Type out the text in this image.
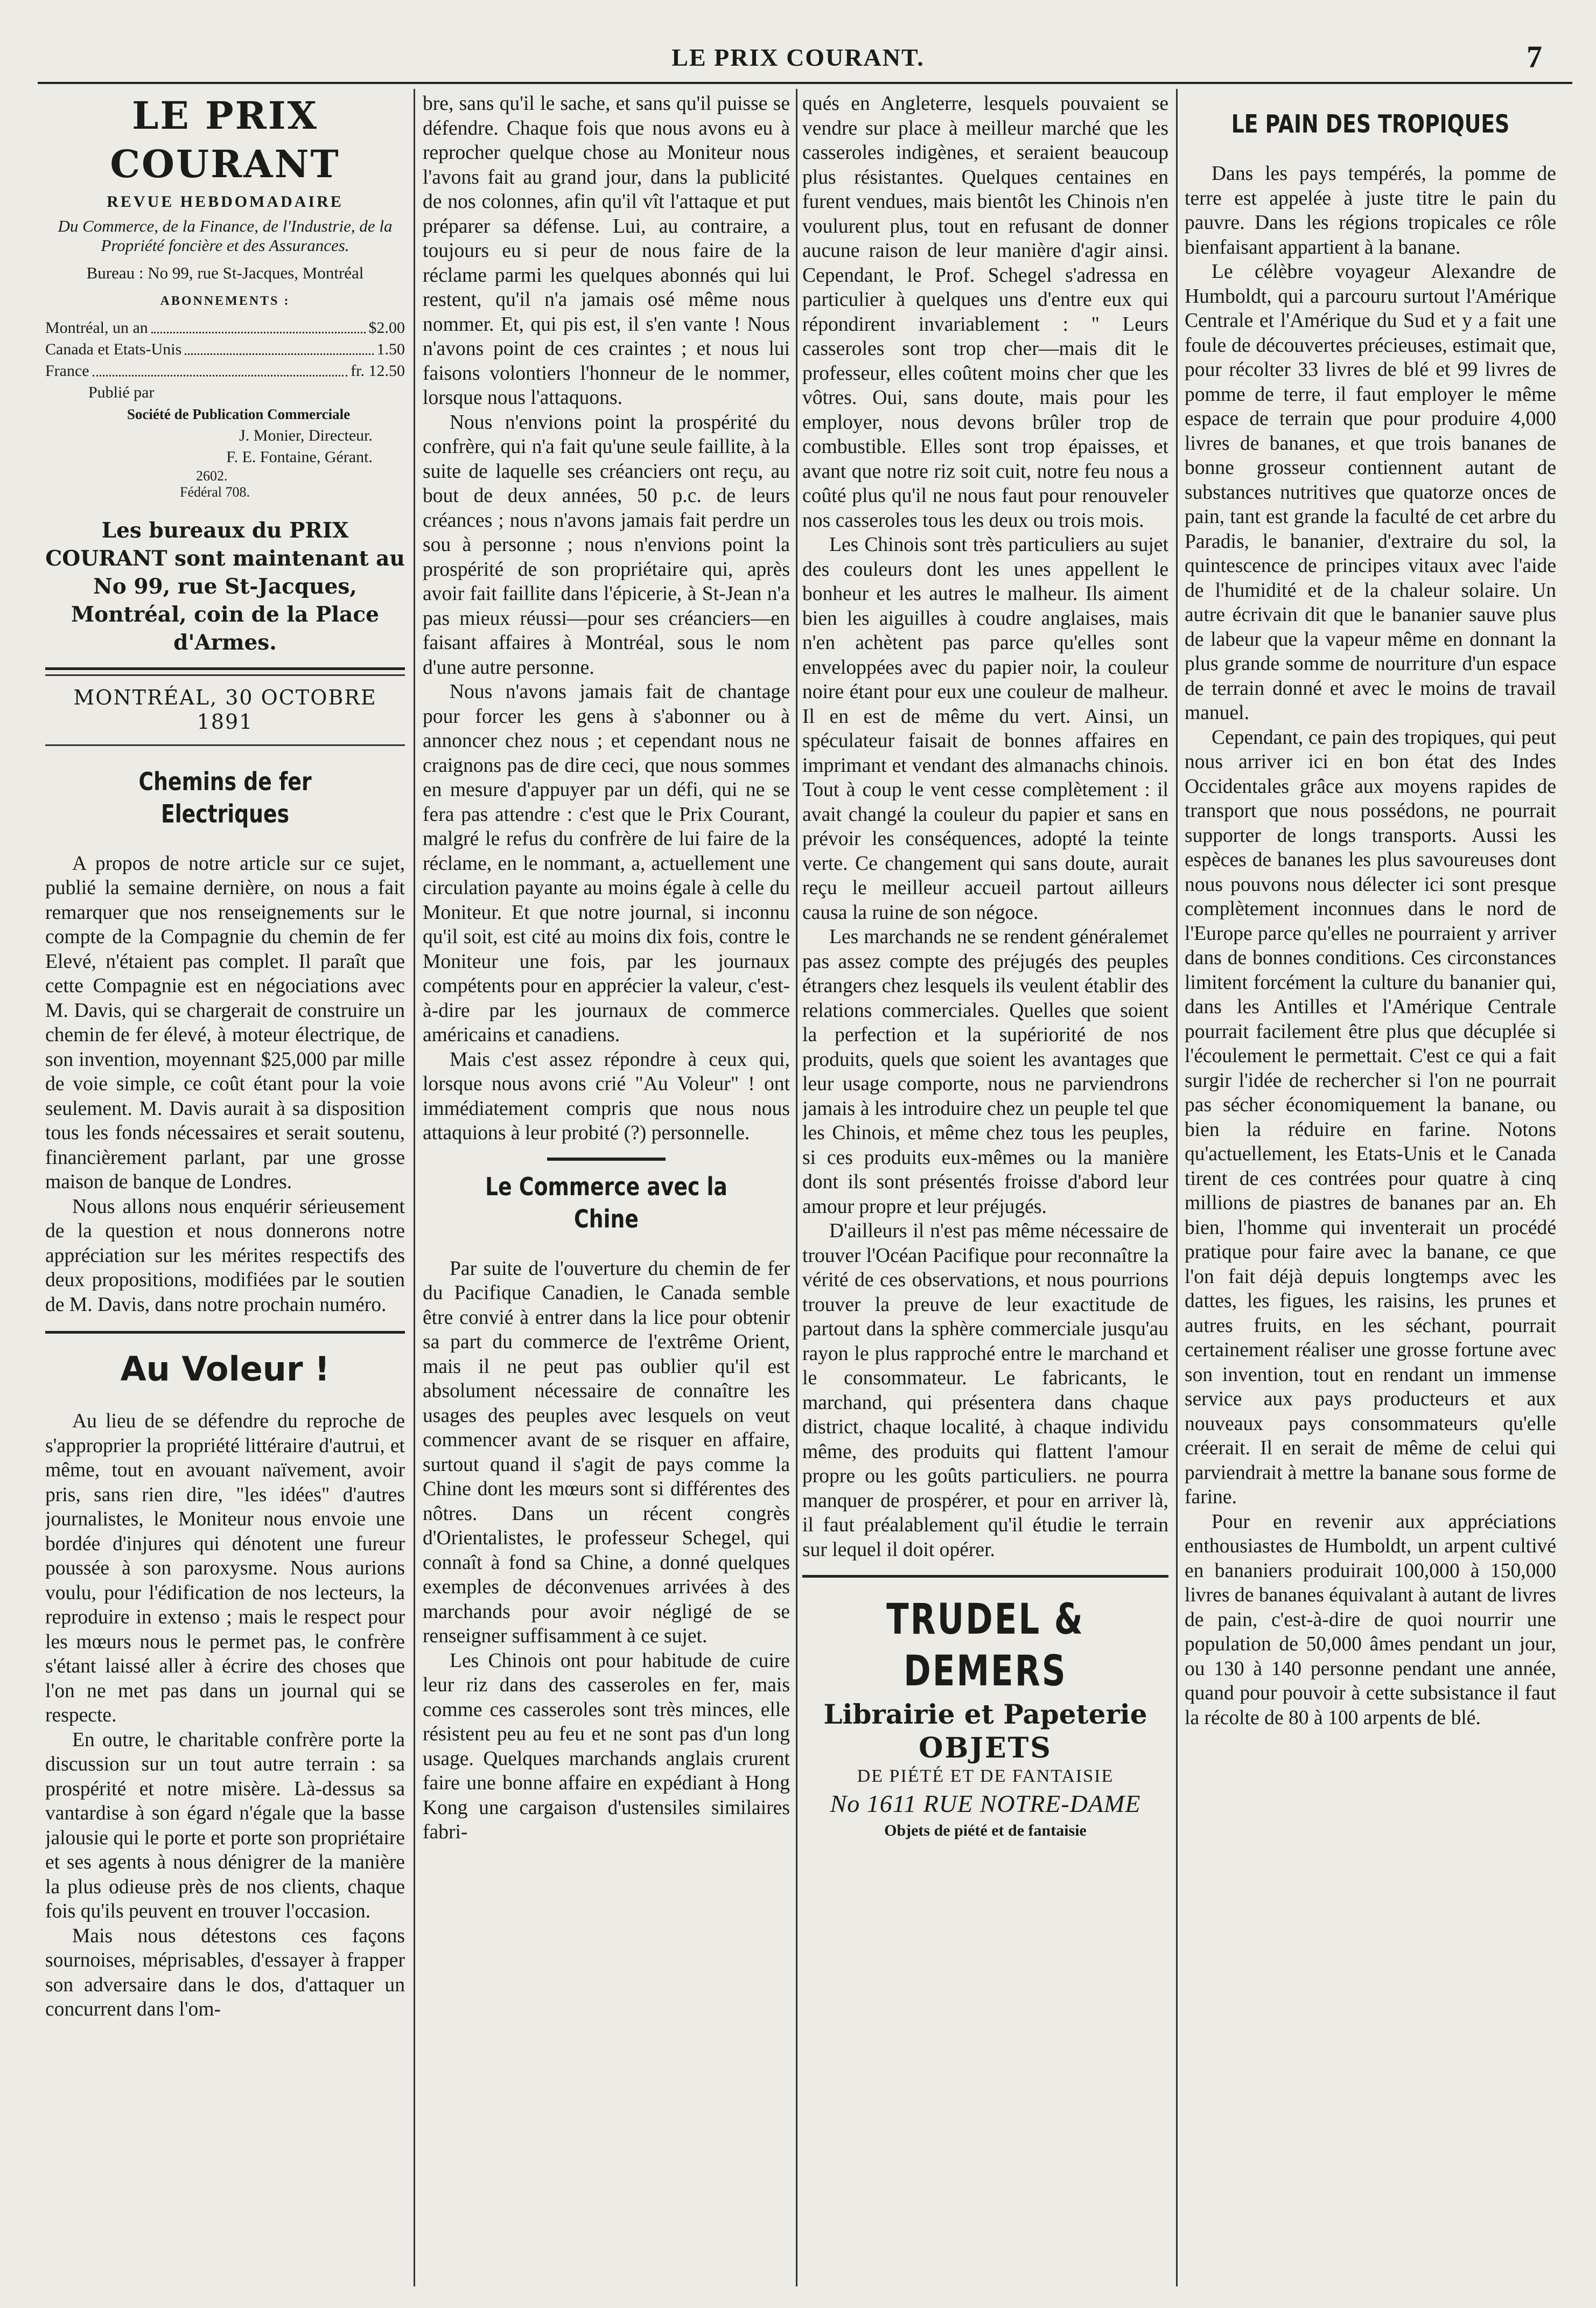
LE PRIX COURANT.	7
LE PRIX COURANT
REVUE HEBDOMADAIRE
Du Commerce, de la Finance, de l'Industrie, de la Propriété foncière et des Assurances.
Bureau : No 99, rue St-Jacques, Montréal
ABONNEMENTS :
Montréal, un an	$2.00
Canada et Etats-Unis	1.50
France	fr. 12.50

Publié par

Société de Publication Commerciale

J. Monier, Directeur.

F. E. Fontaine, Gérant.

2602.

Fédéral 708.

Les bureaux du PRIX COURANT sont maintenant au No 99, rue St-Jacques, Montréal, coin de la Place d'Armes.
MONTRÉAL, 30 OCTOBRE 1891
Chemins de fer Electriques

A propos de notre article sur ce sujet, publié la semaine dernière, on nous a fait remarquer que nos renseignements sur le compte de la Compagnie du chemin de fer Elevé, n'étaient pas complet. Il paraît que cette Compagnie est en négociations avec M. Davis, qui se chargerait de construire un chemin de fer élevé, à moteur électrique, de son invention, moyennant $25,000 par mille de voie simple, ce coût étant pour la voie seulement. M. Davis aurait à sa disposition tous les fonds nécessaires et serait soutenu, financièrement parlant, par une grosse maison de banque de Londres.

Nous allons nous enquérir sérieusement de la question et nous donnerons notre appréciation sur les mérites respectifs des deux propositions, modifiées par le soutien de M. Davis, dans notre prochain numéro.

Au Voleur !

Au lieu de se défendre du reproche de s'approprier la propriété littéraire d'autrui, et même, tout en avouant naïvement, avoir pris, sans rien dire, "les idées" d'autres journalistes, le Moniteur nous envoie une bordée d'injures qui dénotent une fureur poussée à son paroxysme. Nous aurions voulu, pour l'édification de nos lecteurs, la reproduire in extenso ; mais le respect pour les mœurs nous le permet pas, le confrère s'étant laissé aller à écrire des choses que l'on ne met pas dans un journal qui se respecte.

En outre, le charitable confrère porte la discussion sur un tout autre terrain : sa prospérité et notre misère. Là-dessus sa vantardise à son égard n'égale que la basse jalousie qui le porte et porte son propriétaire et ses agents à nous dénigrer de la manière la plus odieuse près de nos clients, chaque fois qu'ils peuvent en trouver l'occasion.

Mais nous détestons ces façons sournoises, méprisables, d'essayer à frapper son adversaire dans le dos, d'attaquer un concurrent dans l'om-

bre, sans qu'il le sache, et sans qu'il puisse se défendre. Chaque fois que nous avons eu à reprocher quelque chose au Moniteur nous l'avons fait au grand jour, dans la publicité de nos colonnes, afin qu'il vît l'attaque et put préparer sa défense. Lui, au contraire, a toujours eu si peur de nous faire de la réclame parmi les quelques abonnés qui lui restent, qu'il n'a jamais osé même nous nommer. Et, qui pis est, il s'en vante ! Nous n'avons point de ces craintes ; et nous lui faisons volontiers l'honneur de le nommer, lorsque nous l'attaquons.

Nous n'envions point la prospérité du confrère, qui n'a fait qu'une seule faillite, à la suite de laquelle ses créanciers ont reçu, au bout de deux années, 50 p.c. de leurs créances ; nous n'avons jamais fait perdre un sou à personne ; nous n'envions point la prospérité de son propriétaire qui, après avoir fait faillite dans l'épicerie, à St-Jean n'a pas mieux réussi—pour ses créanciers—en faisant affaires à Montréal, sous le nom d'une autre personne.

Nous n'avons jamais fait de chantage pour forcer les gens à s'abonner ou à annoncer chez nous ; et cependant nous ne craignons pas de dire ceci, que nous sommes en mesure d'appuyer par un défi, qui ne se fera pas attendre : c'est que le Prix Courant, malgré le refus du confrère de lui faire de la réclame, en le nommant, a, actuellement une circulation payante au moins égale à celle du Moniteur. Et que notre journal, si inconnu qu'il soit, est cité au moins dix fois, contre le Moniteur une fois, par les journaux compétents pour en apprécier la valeur, c'est-à-dire par les journaux de commerce américains et canadiens.

Mais c'est assez répondre à ceux qui, lorsque nous avons crié "Au Voleur" ! ont immédiatement compris que nous nous attaquions à leur probité (?) personnelle.

Le Commerce avec la Chine

Par suite de l'ouverture du chemin de fer du Pacifique Canadien, le Canada semble être convié à entrer dans la lice pour obtenir sa part du commerce de l'extrême Orient, mais il ne peut pas oublier qu'il est absolument nécessaire de connaître les usages des peuples avec lesquels on veut commencer avant de se risquer en affaire, surtout quand il s'agit de pays comme la Chine dont les mœurs sont si différentes des nôtres. Dans un récent congrès d'Orientalistes, le professeur Schegel, qui connaît à fond sa Chine, a donné quelques exemples de déconvenues arrivées à des marchands pour avoir négligé de se renseigner suffisamment à ce sujet.

Les Chinois ont pour habitude de cuire leur riz dans des casseroles en fer, mais comme ces casseroles sont très minces, elle résistent peu au feu et ne sont pas d'un long usage. Quelques marchands anglais crurent faire une bonne affaire en expédiant à Hong Kong une cargaison d'ustensiles similaires fabri-

qués en Angleterre, lesquels pouvaient se vendre sur place à meilleur marché que les casseroles indigènes, et seraient beaucoup plus résistantes. Quelques centaines en furent vendues, mais bientôt les Chinois n'en voulurent plus, tout en refusant de donner aucune raison de leur manière d'agir ainsi. Cependant, le Prof. Schegel s'adressa en particulier à quelques uns d'entre eux qui répondirent invariablement : " Leurs casseroles sont trop cher—mais dit le professeur, elles coûtent moins cher que les vôtres. Oui, sans doute, mais pour les employer, nous devons brûler trop de combustible. Elles sont trop épaisses, et avant que notre riz soit cuit, notre feu nous a coûté plus qu'il ne nous faut pour renouveler nos casseroles tous les deux ou trois mois.

Les Chinois sont très particuliers au sujet des couleurs dont les unes appellent le bonheur et les autres le malheur. Ils aiment bien les aiguilles à coudre anglaises, mais n'en achètent pas parce qu'elles sont enveloppées avec du papier noir, la couleur noire étant pour eux une couleur de malheur. Il en est de même du vert. Ainsi, un spéculateur faisait de bonnes affaires en imprimant et vendant des almanachs chinois. Tout à coup le vent cesse complètement : il avait changé la couleur du papier et sans en prévoir les conséquences, adopté la teinte verte. Ce changement qui sans doute, aurait reçu le meilleur accueil partout ailleurs causa la ruine de son négoce.

Les marchands ne se rendent généralemet pas assez compte des préjugés des peuples étrangers chez lesquels ils veulent établir des relations commerciales. Quelles que soient la perfection et la supériorité de nos produits, quels que soient les avantages que leur usage comporte, nous ne parviendrons jamais à les introduire chez un peuple tel que les Chinois, et même chez tous les peuples, si ces produits eux-mêmes ou la manière dont ils sont présentés froisse d'abord leur amour propre et leur préjugés.

D'ailleurs il n'est pas même nécessaire de trouver l'Océan Pacifique pour reconnaître la vérité de ces observations, et nous pourrions trouver la preuve de leur exactitude de partout dans la sphère commerciale jusqu'au rayon le plus rapproché entre le marchand et le consommateur. Le fabricants, le marchand, qui présentera dans chaque district, chaque localité, à chaque individu même, des produits qui flattent l'amour propre ou les goûts particuliers. ne pourra manquer de prospérer, et pour en arriver là, il faut préalablement qu'il étudie le terrain sur lequel il doit opérer.

TRUDEL & DEMERS
Librairie et Papeterie
OBJETS
DE PIÉTÉ ET DE FANTAISIE
No 1611 RUE NOTRE-DAME
Objets de piété et de fantaisie
LE PAIN DES TROPIQUES

Dans les pays tempérés, la pomme de terre est appelée à juste titre le pain du pauvre. Dans les régions tropicales ce rôle bienfaisant appartient à la banane.

Le célèbre voyageur Alexandre de Humboldt, qui a parcouru surtout l'Amérique Centrale et l'Amérique du Sud et y a fait une foule de découvertes précieuses, estimait que, pour récolter 33 livres de blé et 99 livres de pomme de terre, il faut employer le même espace de terrain que pour produire 4,000 livres de bananes, et que trois bananes de bonne grosseur contiennent autant de substances nutritives que quatorze onces de pain, tant est grande la faculté de cet arbre du Paradis, le bananier, d'extraire du sol, la quintescence de principes vitaux avec l'aide de l'humidité et de la chaleur solaire. Un autre écrivain dit que le bananier sauve plus de labeur que la vapeur même en donnant la plus grande somme de nourriture d'un espace de terrain donné et avec le moins de travail manuel.

Cependant, ce pain des tropiques, qui peut nous arriver ici en bon état des Indes Occidentales grâce aux moyens rapides de transport que nous possédons, ne pourrait supporter de longs transports. Aussi les espèces de bananes les plus savoureuses dont nous pouvons nous délecter ici sont presque complètement inconnues dans le nord de l'Europe parce qu'elles ne pourraient y arriver dans de bonnes conditions. Ces circonstances limitent forcément la culture du bananier qui, dans les Antilles et l'Amérique Centrale pourrait facilement être plus que décuplée si l'écoulement le permettait. C'est ce qui a fait surgir l'idée de rechercher si l'on ne pourrait pas sécher économiquement la banane, ou bien la réduire en farine. Notons qu'actuellement, les Etats-Unis et le Canada tirent de ces contrées pour quatre à cinq millions de piastres de bananes par an. Eh bien, l'homme qui inventerait un procédé pratique pour faire avec la banane, ce que l'on fait déjà depuis longtemps avec les dattes, les figues, les raisins, les prunes et autres fruits, en les séchant, pourrait certainement réaliser une grosse fortune avec son invention, tout en rendant un immense service aux pays producteurs et aux nouveaux pays consommateurs qu'elle créerait. Il en serait de même de celui qui parviendrait à mettre la banane sous forme de farine.

Pour en revenir aux appréciations enthousiastes de Humboldt, un arpent cultivé en bananiers produirait 100,000 à 150,000 livres de bananes équivalant à autant de livres de pain, c'est-à-dire de quoi nourrir une population de 50,000 âmes pendant un jour, ou 130 à 140 personne pendant une année, quand pour pouvoir à cette subsistance il faut la récolte de 80 à 100 arpents de blé.
